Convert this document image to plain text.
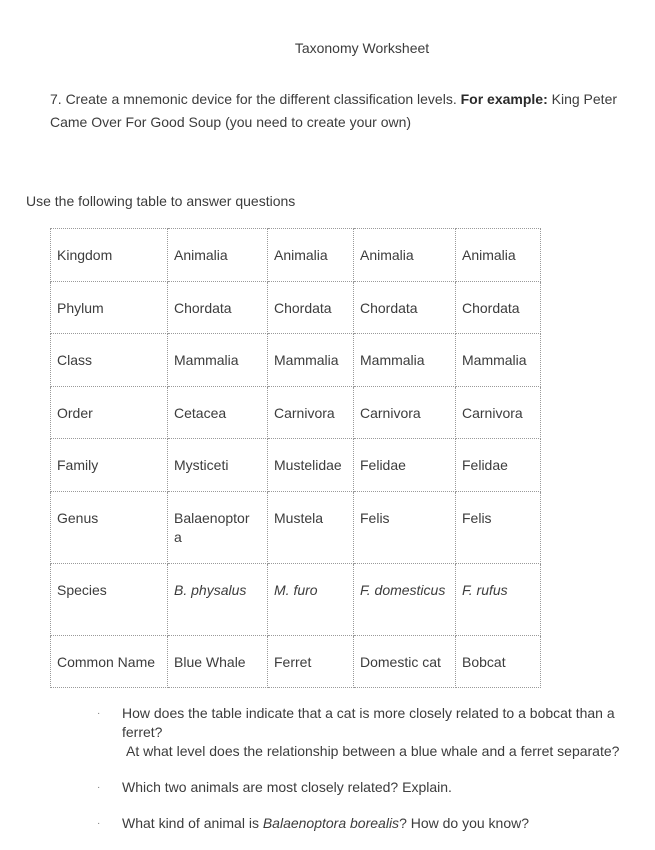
Taxonomy Worksheet
7. Create a mnemonic device for the different classification levels. For example: King Peter Came Over For Good Soup (you need to create your own)
Use the following table to answer questions
Kingdom	Animalia	Animalia	Animalia	Animalia
Phylum	Chordata	Chordata	Chordata	Chordata
Class	Mammalia	Mammalia	Mammalia	Mammalia
Order	Cetacea	Carnivora	Carnivora	Carnivora
Family	Mysticeti	Mustelidae	Felidae	Felidae
Genus	Balaenoptor a	Mustela	Felis	Felis
Species	B. physalus	M. furo	F. domesticus	F. rufus
Common Name	Blue Whale	Ferret	Domestic cat	Bobcat
· How does the table indicate that a cat is more closely related to a bobcat than a ferret?
At what level does the relationship between a blue whale and a ferret separate?
· Which two animals are most closely related? Explain.
· What kind of animal is Balaenoptora borealis? How do you know?
